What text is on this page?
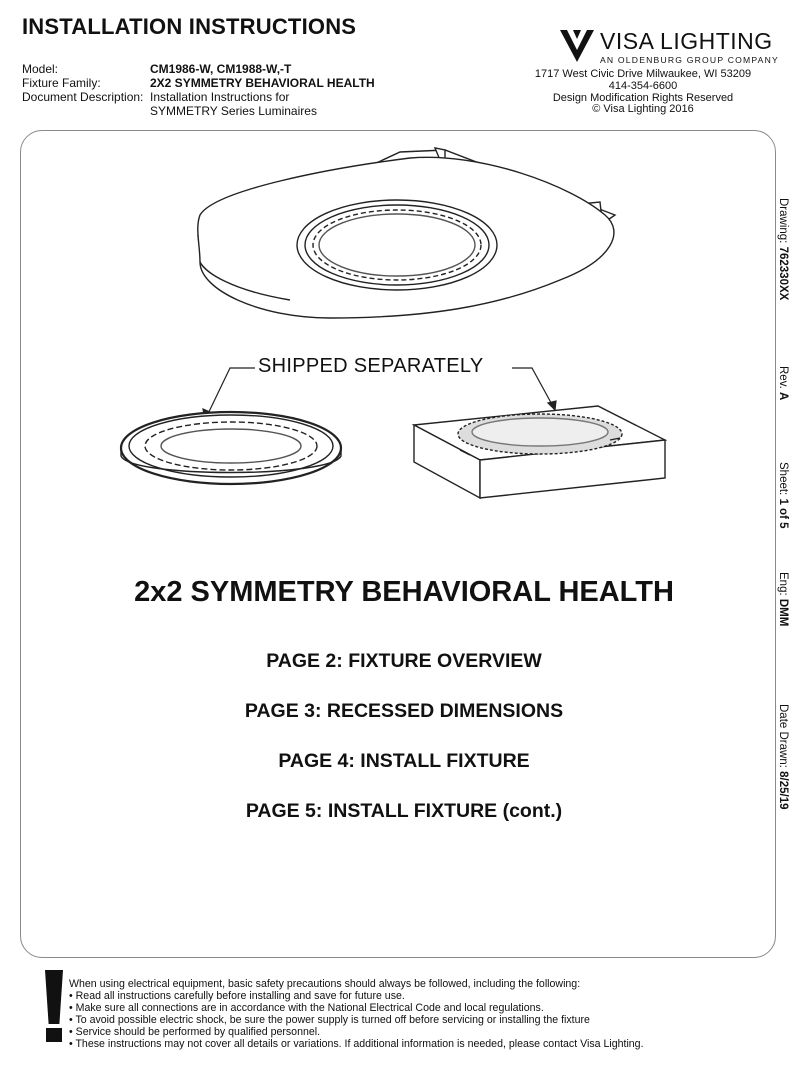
INSTALLATION INSTRUCTIONS
Model:	CM1986-W, CM1988-W,-T
Fixture Family:	2X2 SYMMETRY BEHAVIORAL HEALTH
Document Description: Installation Instructions for
SYMMETRY Series Luminaires
VISA LIGHTING
AN OLDENBURG GROUP COMPANY
1717 West Civic Drive Milwaukee, WI 53209
414-354-6600
Design Modification Rights Reserved
© Visa Lighting 2016
Drawing: 762330XX
Rev. A
Sheet: 1 of 5
Eng: DMM
Date Drawn: 8/25/19
SHIPPED SEPARATELY
2x2 SYMMETRY BEHAVIORAL HEALTH
PAGE 2: FIXTURE OVERVIEW
PAGE 3: RECESSED DIMENSIONS
PAGE 4: INSTALL FIXTURE
PAGE 5: INSTALL FIXTURE (cont.)
When using electrical equipment, basic safety precautions should always be followed, including the following:
• Read all instructions carefully before installing and save for future use.
• Make sure all connections are in accordance with the National Electrical Code and local regulations.
• To avoid possible electric shock, be sure the power supply is turned off before servicing or installing the fixture
• Service should be performed by qualified personnel.
• These instructions may not cover all details or variations. If additional information is needed, please contact Visa Lighting.
